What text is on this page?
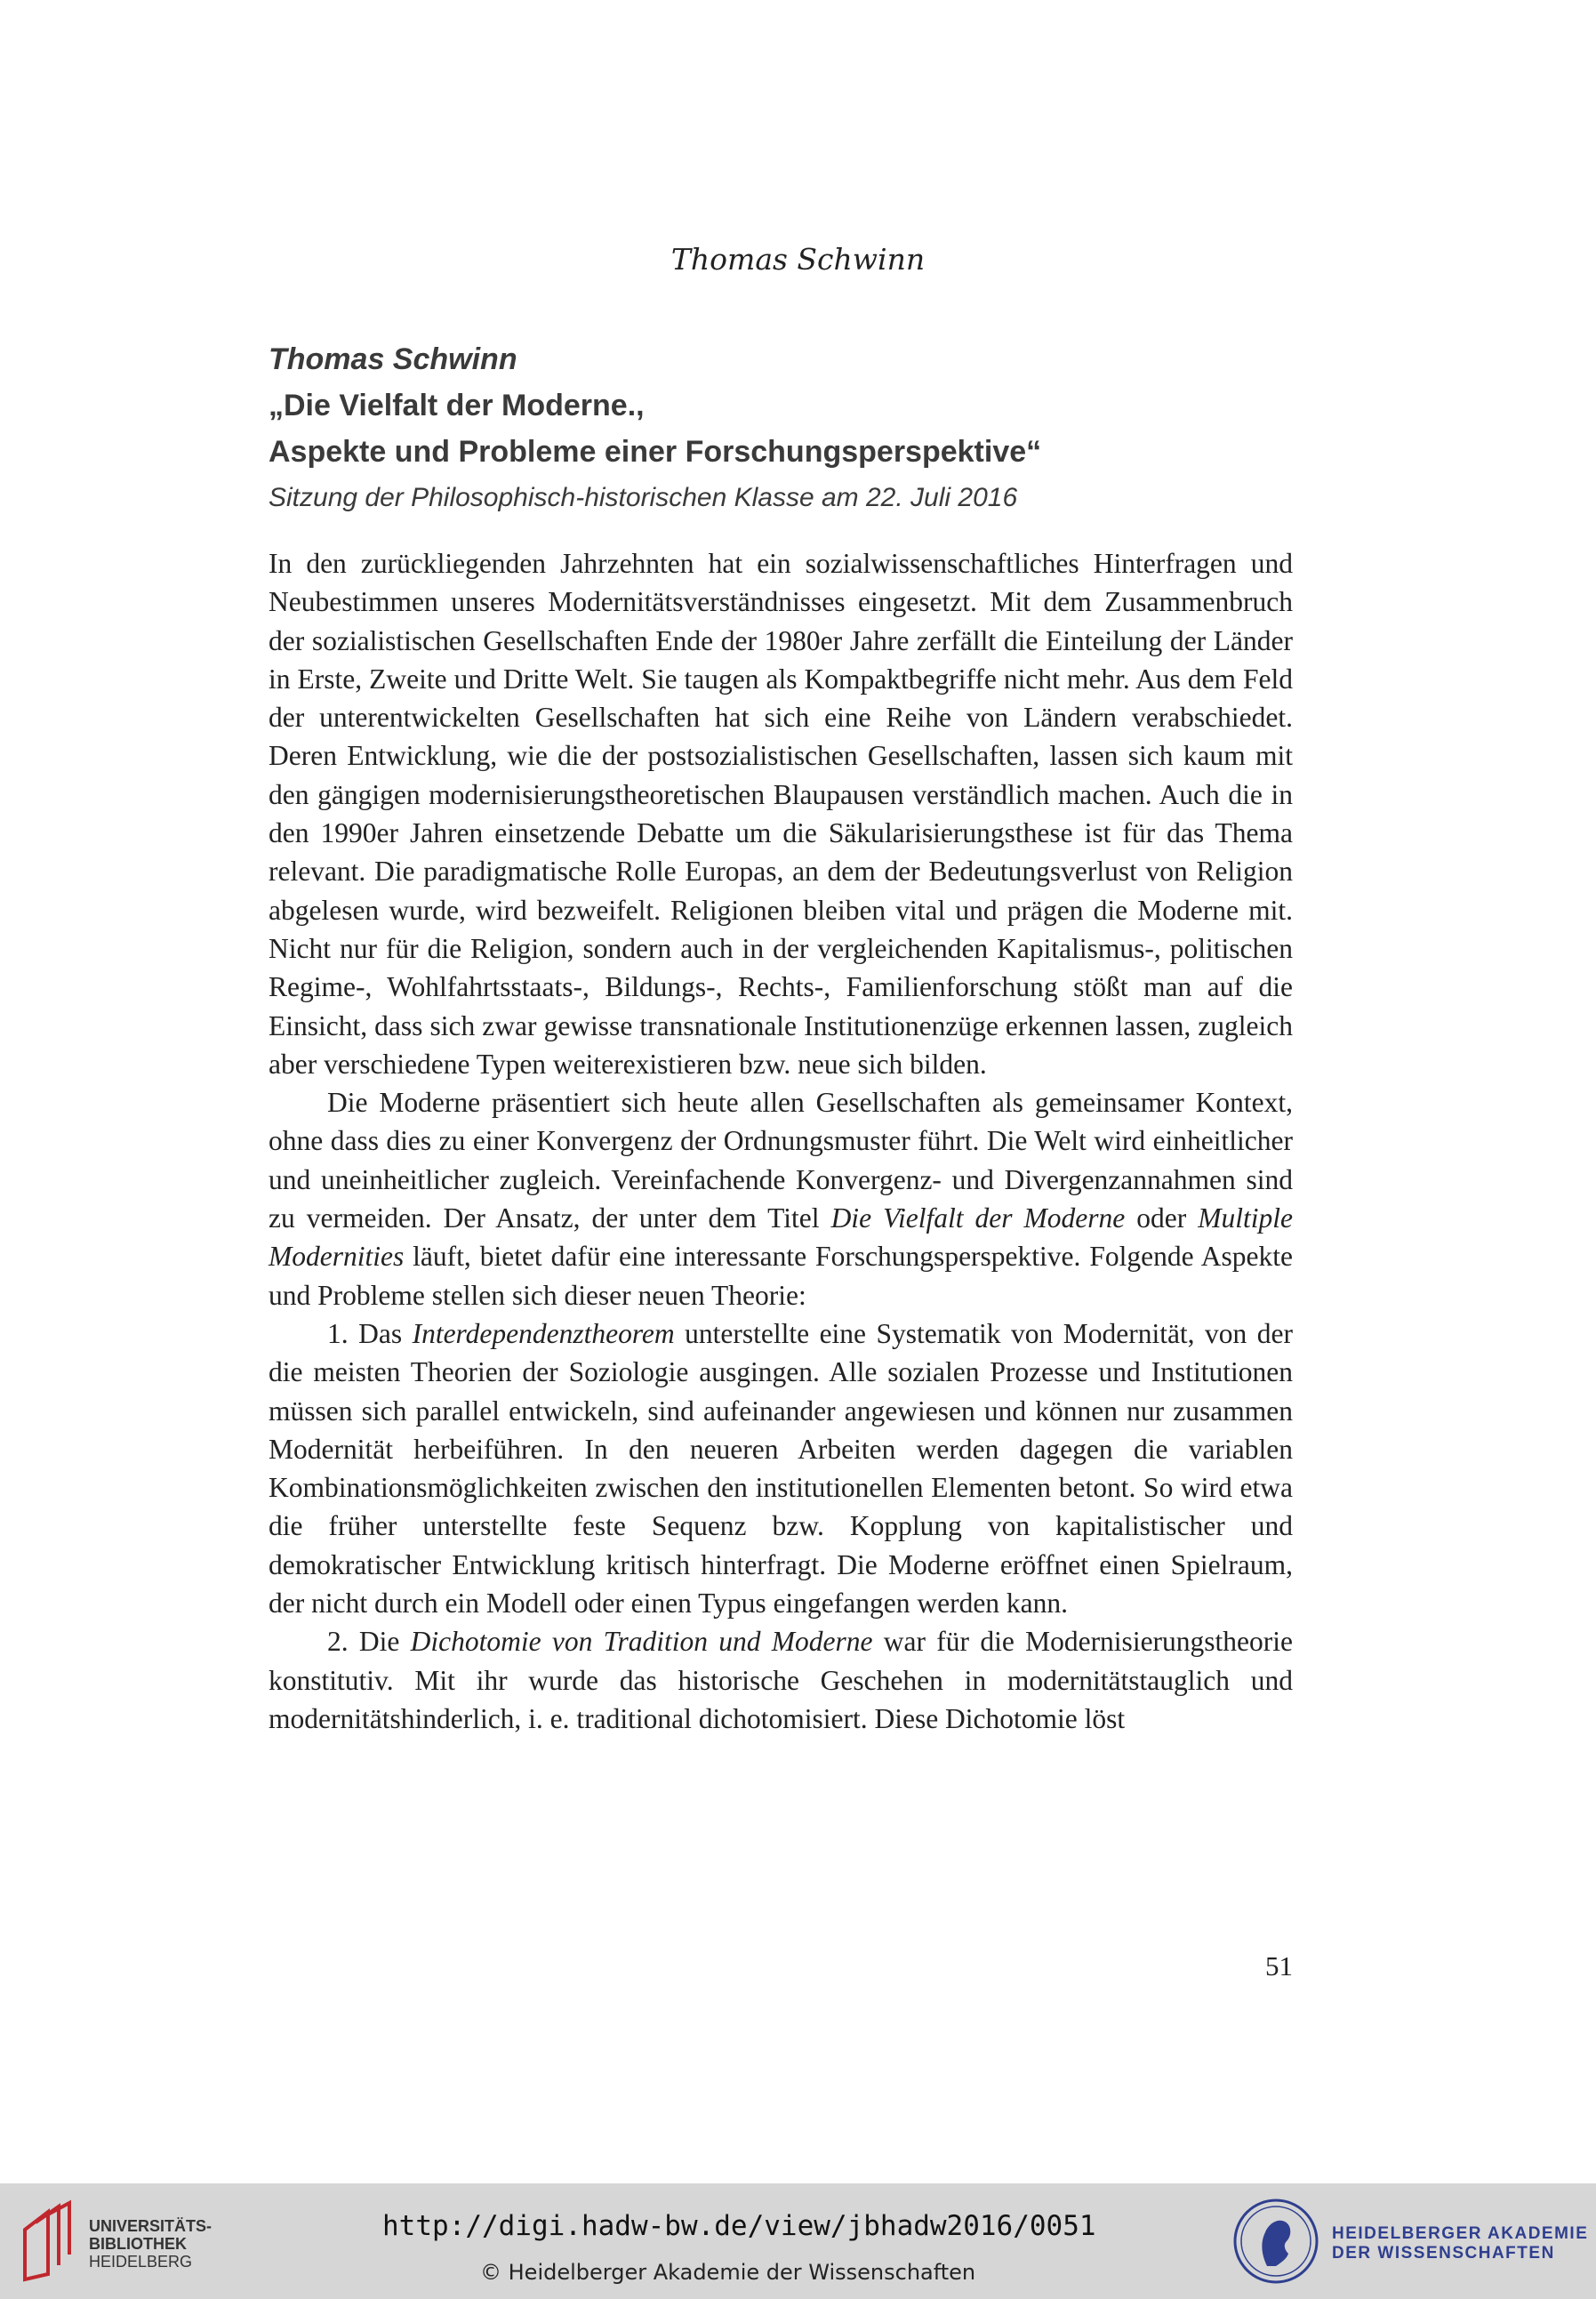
Thomas Schwinn
Thomas Schwinn
„Die Vielfalt der Moderne.,
Aspekte und Probleme einer Forschungsperspektive“
Sitzung der Philosophisch-historischen Klasse am 22. Juli 2016

In den zurückliegenden Jahrzehnten hat ein sozialwissenschaftliches Hinterfragen und Neubestimmen unseres Modernitätsverständnisses eingesetzt. Mit dem Zusammenbruch der sozialistischen Gesellschaften Ende der 1980er Jahre zerfällt die Einteilung der Länder in Erste, Zweite und Dritte Welt. Sie taugen als Kompaktbegriffe nicht mehr. Aus dem Feld der unterentwickelten Gesellschaften hat sich eine Reihe von Ländern verabschiedet. Deren Entwicklung, wie die der postsozialistischen Gesellschaften, lassen sich kaum mit den gängigen modernisierungstheoretischen Blaupausen verständlich machen. Auch die in den 1990er Jahren einsetzende Debatte um die Säkularisierungsthese ist für das Thema relevant. Die paradigmatische Rolle Europas, an dem der Bedeutungsverlust von Religion abgelesen wurde, wird bezweifelt. Religionen bleiben vital und prägen die Moderne mit. Nicht nur für die Religion, sondern auch in der vergleichenden Kapitalismus-, politischen Regime-, Wohlfahrtsstaats-, Bildungs-, Rechts-, Familienforschung stößt man auf die Einsicht, dass sich zwar gewisse transnationale Institutionenzüge erkennen lassen, zugleich aber verschiedene Typen weiterexistieren bzw. neue sich bilden.

Die Moderne präsentiert sich heute allen Gesellschaften als gemeinsamer Kontext, ohne dass dies zu einer Konvergenz der Ordnungsmuster führt. Die Welt wird einheitlicher und uneinheitlicher zugleich. Vereinfachende Konvergenz- und Divergenzannahmen sind zu vermeiden. Der Ansatz, der unter dem Titel Die Vielfalt der Moderne oder Multiple Modernities läuft, bietet dafür eine interessante Forschungsperspektive. Folgende Aspekte und Probleme stellen sich dieser neuen Theorie:

1. Das Interdependenztheorem unterstellte eine Systematik von Modernität, von der die meisten Theorien der Soziologie ausgingen. Alle sozialen Prozesse und Institutionen müssen sich parallel entwickeln, sind aufeinander angewiesen und können nur zusammen Modernität herbeiführen. In den neueren Arbeiten werden dagegen die variablen Kombinationsmöglichkeiten zwischen den institutionellen Elementen betont. So wird etwa die früher unterstellte feste Sequenz bzw. Kopplung von kapitalistischer und demokratischer Entwicklung kritisch hinterfragt. Die Moderne eröffnet einen Spielraum, der nicht durch ein Modell oder einen Typus eingefangen werden kann.

2. Die Dichotomie von Tradition und Moderne war für die Modernisierungstheorie konstitutiv. Mit ihr wurde das historische Geschehen in modernitätstauglich und modernitätshinderlich, i. e. traditional dichotomisiert. Diese Dichotomie löst

51
UNIVERSITÄTS-
BIBLIOTHEK
HEIDELBERG
http://digi.hadw-bw.de/view/jbhadw2016/0051
© Heidelberger Akademie der Wissenschaften
HEIDELBERGER AKADEMIE
DER WISSENSCHAFTEN
